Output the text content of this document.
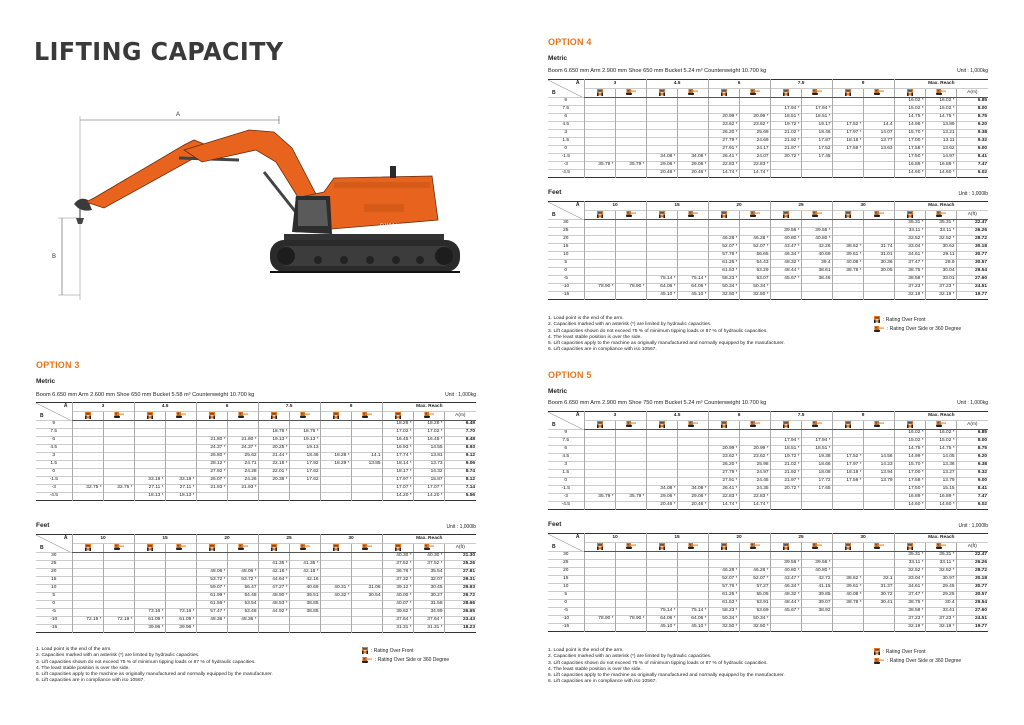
LIFTING CAPACITY
A
B
DEVELON
DX800LC
OPTION 3
Metric
Boom 6.650 mm Arm 2.600 mm Shoe 650 mm Bucket 5.58 m³ Counterweight 10.700 kg	Unit : 1,000kg
A
B	3		4.5		6		7.5		9		Max. Reach		
												A(m)
9											18.28 *	18.28 *	6.49
7.5							18.76 *	18.76 *			17.02 *	17.02 *	7.70
6					21.80 *	21.80 *	19.13 *	19.13 *			16.45 *	16.45 *	8.48
4.5					24.37 *	24.37 *	20.25 *	19.13			16.93 *	14.55	8.93
3					26.80 *	25.62	21.44 *	18.46	18.28 *	14.1	17.74 *	13.81	9.12
1.5					28.12 *	24.71	22.18 *	17.92	18.29 *	13.85	18.14 *	13.73	9.06
0					27.92 *	24.28	22.01 *	17.62			18.17 *	14.32	8.74
-1.5			33.19 *	33.19 *	26.07 *	24.26	20.38 *	17.62			17.97 *	15.87	8.12
-3	32.75 *	32.75 *	27.11 *	27.11 *	21.93 *	21.93 *					17.07 *	17.07 *	7.14
-4.5			18.13 *	18.13 *							14.20 *	14.20 *	5.56
Feet	Unit : 1,000lb
A
B	10		15		20		25		30		Max. Reach		
												A(ft)
30											40.30 *	40.30 *	21.30
25							41.35 *	41.35 *			37.52 *	37.52 *	25.26
20					48.06 *	48.06 *	42.18 *	42.18 *			36.76 *	35.54	27.81
15					53.72 *	53.72 *	44.64 *	42.16			37.32 *	32.07	29.31
10					59.07 *	56.47	47.27 *	40.69	40.31 *	31.08	39.12 *	30.45	29.93
5					61.99 *	54.48	48.90 *	39.51	40.32 *	30.54	40.00 *	30.27	29.72
0					61.56 *	53.54	48.53 *	38.85			40.07 *	31.58	28.66
-5			73.16 *	73.16 *	57.47 *	53.48	44.92 *	38.85			39.62 *	34.99	26.65
-10	72.19 *	72.19 *	61.09 *	61.09 *	48.36 *	48.36 *					37.64 *	37.64 *	23.43
-15			39.96 *	39.96 *							31.31 *	31.31 *	18.23
OPTION 4
Metric
Boom 6.650 mm Arm 2.900 mm Shoe 650 mm Bucket 5.24 m³ Counterweight 10.700 kg	Unit : 1,000kg
A
B	3		4.5		6		7.5		9		Max. Reach		
												A(m)
9											16.02 *	16.02 *	6.85
7.5							17.94 *	17.94 *			15.02 *	15.02 *	8.00
6					20.99 *	20.99 *	18.51 *	18.51 *			14.75 *	14.75 *	8.75
4.5					23.62 *	23.62 *	19.72 *	19.17	17.52 *	14.4	14.99 *	13.89	9.20
3					26.20 *	25.69	21.02 *	18.46	17.97 *	14.07	15.70 *	13.21	9.38
1.5					27.79 *	24.69	21.92 *	17.87	18.18 *	13.77	17.00 *	13.11	9.32
0					27.91 *	24.17	21.97 *	17.52	17.59 *	13.63	17.58 *	13.62	9.00
-1.5			34.08 *	34.08 *	26.41 *	24.07	20.72 *	17.45			17.50 *	14.97	8.41
-3	35.79 *	35.79 *	29.06 *	29.06 *	22.83 *	22.83 *					16.89 *	16.89 *	7.47
-4.5			20.46 *	20.46 *	14.74 *	14.74 *					14.60 *	14.60 *	6.02
Feet	Unit : 1,000lb
A
B	10		15		20		25		30		Max. Reach		
												A(ft)
30											35.31 *	35.31 *	22.47
25							39.56 *	39.56 *			33.11 *	33.11 *	26.26
20					46.28 *	46.28 *	40.80 *	40.80 *			32.52 *	32.52 *	28.72
15					52.07 *	52.07 *	43.47 *	42.26	38.62 *	31.74	33.04 *	30.62	30.18
10					57.76 *	56.65	46.34 *	40.69	39.61 *	31.01	34.61 *	29.11	30.77
5					61.26 *	54.43	48.32 *	39.4	40.08 *	30.36	37.47 *	28.9	30.57
0					61.53 *	53.29	48.44 *	38.61	38.78 *	30.05	38.75 *	30.04	29.54
-5			75.14 *	75.14 *	58.23 *	53.07	45.67 *	38.46			38.58 *	33.01	27.60
-10	78.90 *	78.90 *	64.06 *	64.06 *	50.34 *	50.34 *					37.23 *	37.23 *	24.51
-15			45.10 *	45.10 *	32.50 *	32.50 *					32.19 *	32.19 *	19.77
1. Load point is the end of the arm.
2. Capacities marked with an asterisk (*) are limited by hydraulic capacities.
3. Lift capacities shown do not exceed 75 % of minimum tipping loads or 87 % of hydraulic capacities.
4. The least stable position is over the side.
5. Lift capacities apply to the machine as originally manufactured and normally equipped by the manufacturer.
6. Lift capacities are in compliance with iso 10567.
: Rating Over Front
: Rating Over Side or 360 Degree
OPTION 5
Metric
Boom 6.650 mm Arm 2.900 mm Shoe 750 mm Bucket 5.24 m³ Counterweight 10.700 kg	Unit : 1,000kg
A
B	3		4.5		6		7.5		9		Max. Reach		
												A(m)
9											16.02 *	16.02 *	6.85
7.5							17.94 *	17.94 *			15.02 *	15.02 *	8.00
6					20.99 *	20.99 *	18.51 *	18.51 *			14.75 *	14.75 *	8.75
4.5					23.62 *	23.62 *	19.72 *	19.38	17.52 *	14.56	14.99 *	14.05	9.20
3					26.20 *	25.98	21.02 *	18.66	17.97 *	14.23	15.70 *	13.36	9.38
1.5					27.79 *	24.97	21.92 *	18.08	18.18 *	13.94	17.00 *	13.27	9.32
0					27.91 *	24.45	21.97 *	17.72	17.59 *	13.79	17.58 *	13.79	9.00
-1.5			34.08 *	34.08 *	26.41 *	24.35	20.72 *	17.65			17.50 *	15.15	8.41
-3	35.79 *	35.79 *	29.06 *	29.06 *	22.83 *	22.83 *					16.89 *	16.89 *	7.47
-4.5			20.46 *	20.46 *	14.74 *	14.74 *					14.60 *	14.60 *	6.02
Feet	Unit : 1,000lb
A
B	10		15		20		25		30		Max. Reach		
												A(ft)
30											35.31 *	35.31 *	22.47
25							39.56 *	39.56 *			33.11 *	33.11 *	26.26
20					46.28 *	46.28 *	40.80 *	40.80 *			32.52 *	32.52 *	28.72
15					52.07 *	52.07 *	43.47 *	42.72	38.62 *	32.1	33.04 *	30.97	30.18
10					57.76 *	57.27	46.34 *	41.15	39.61 *	31.37	34.61 *	29.45	30.77
5					61.26 *	55.05	48.32 *	39.85	40.08 *	30.72	37.47 *	29.25	30.57
0					61.53 *	53.91	48.44 *	39.07	38.78 *	30.41	38.75 *	30.4	29.54
-5			75.14 *	75.14 *	58.23 *	53.69	45.67 *	38.92			38.58 *	33.41	27.60
-10	78.90 *	78.90 *	64.06 *	64.06 *	50.34 *	50.34 *					37.23 *	37.23 *	24.51
-15			45.10 *	45.10 *	32.50 *	32.50 *					32.19 *	32.19 *	19.77
1. Load point is the end of the arm.
2. Capacities marked with an asterisk (*) are limited by hydraulic capacities.
3. Lift capacities shown do not exceed 75 % of minimum tipping loads or 87 % of hydraulic capacities.
4. The least stable position is over the side.
5. Lift capacities apply to the machine as originally manufactured and normally equipped by the manufacturer.
6. Lift capacities are in compliance with iso 10567.
: Rating Over Front
: Rating Over Side or 360 Degree
1. Load point is the end of the arm.
2. Capacities marked with an asterisk (*) are limited by hydraulic capacities.
3. Lift capacities shown do not exceed 75 % of minimum tipping loads or 87 % of hydraulic capacities.
4. The least stable position is over the side.
5. Lift capacities apply to the machine as originally manufactured and normally equipped by the manufacturer.
6. Lift capacities are in compliance with iso 10567.
: Rating Over Front
: Rating Over Side or 360 Degree
